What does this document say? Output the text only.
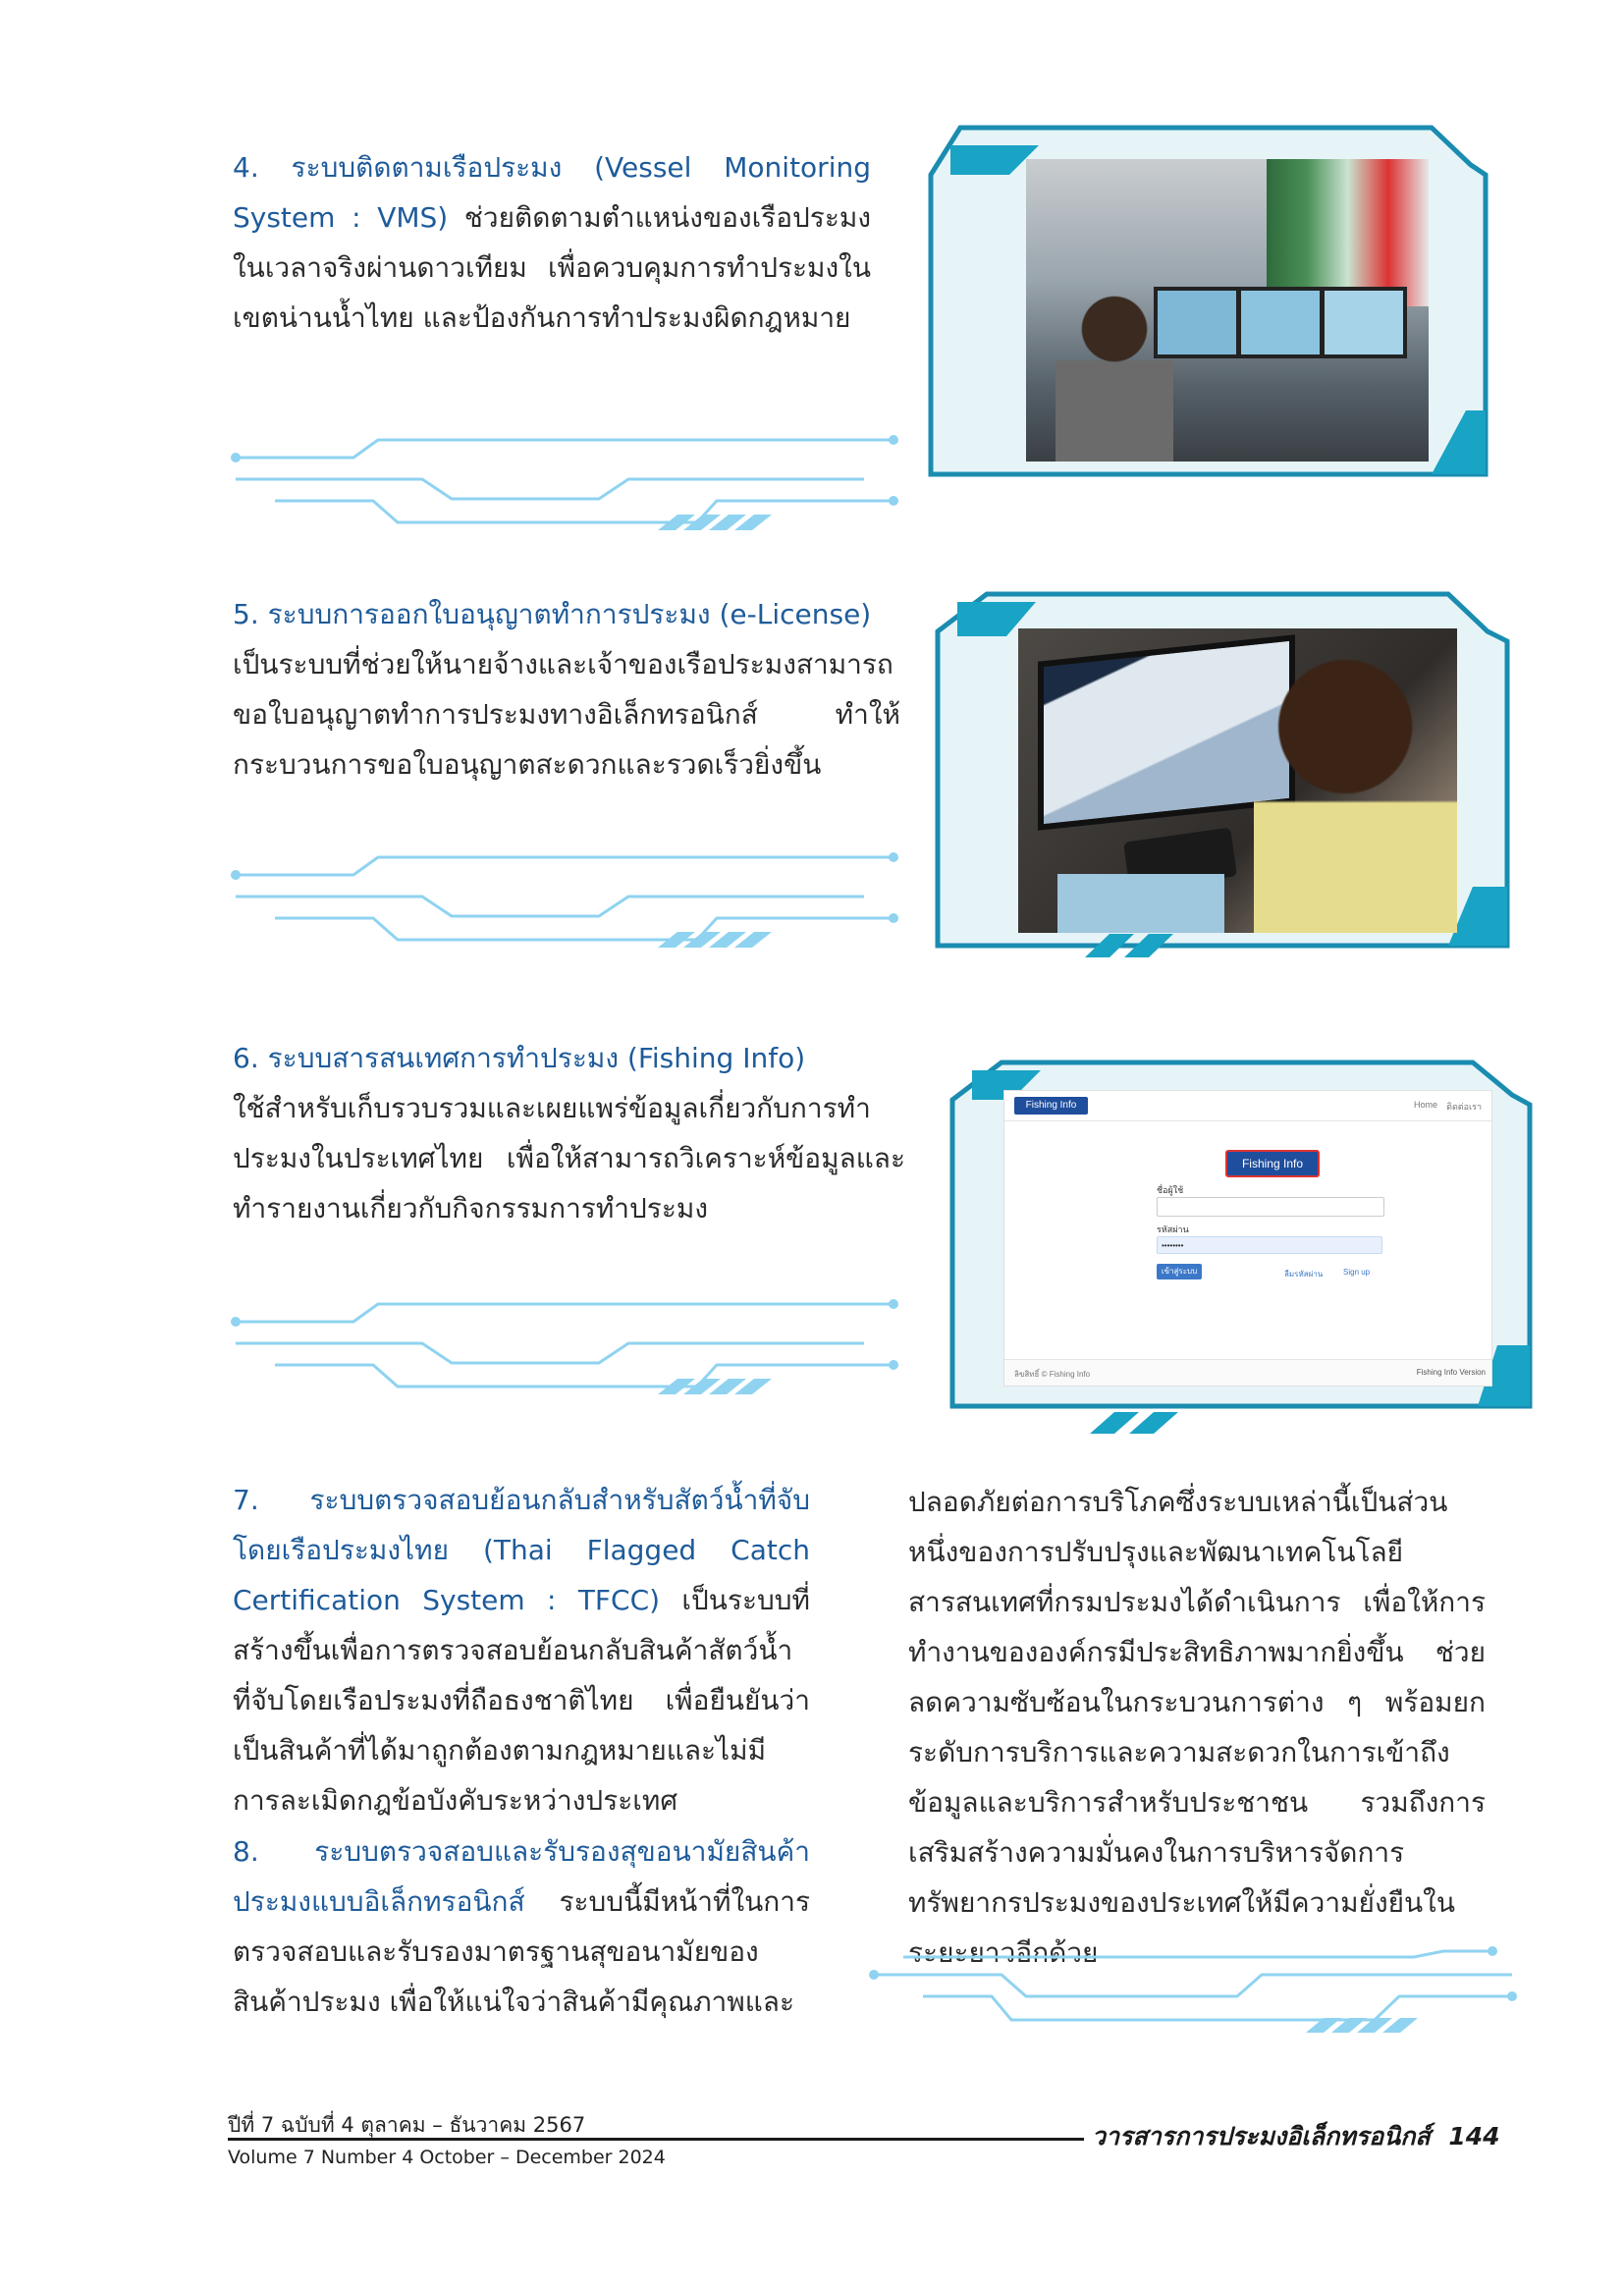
4. ระบบติดตามเรือประมง (Vessel Monitoring System : VMS) ช่วยติดตามตำแหน่งของเรือประมงในเวลาจริงผ่านดาวเทียม เพื่อควบคุมการทำประมงในเขตน่านน้ำไทย และป้องกันการทำประมงผิดกฎหมาย
5. ระบบการออกใบอนุญาตทำการประมง (e-License)
เป็นระบบที่ช่วยให้นายจ้างและเจ้าของเรือประมงสามารถขอใบอนุญาตทำการประมงทางอิเล็กทรอนิกส์ ทำให้กระบวนการขอใบอนุญาตสะดวกและรวดเร็วยิ่งขึ้น
6. ระบบสารสนเทศการทำประมง (Fishing Info)
ใช้สำหรับเก็บรวบรวมและเผยแพร่ข้อมูลเกี่ยวกับการทำประมงในประเทศไทย เพื่อให้สามารถวิเคราะห์ข้อมูลและทำรายงานเกี่ยวกับกิจกรรมการทำประมง
Fishing Info	Home ติดต่อเรา
Fishing Info
ชื่อผู้ใช้
รหัสผ่าน
••••••••
เข้าสู่ระบบ	ลืมรหัสผ่าน	Sign up
ลิขสิทธิ์ © Fishing Info	Fishing Info Version
7. ระบบตรวจสอบย้อนกลับสำหรับสัตว์น้ำที่จับโดยเรือประมงไทย (Thai Flagged Catch Certification System : TFCC) เป็นระบบที่สร้างขึ้นเพื่อการตรวจสอบย้อนกลับสินค้าสัตว์น้ำที่จับโดยเรือประมงที่ถือธงชาติไทย เพื่อยืนยันว่าเป็นสินค้าที่ได้มาถูกต้องตามกฎหมายและไม่มีการละเมิดกฎข้อบังคับระหว่างประเทศ
8. ระบบตรวจสอบและรับรองสุขอนามัยสินค้าประมงแบบอิเล็กทรอนิกส์ ระบบนี้มีหน้าที่ในการตรวจสอบและรับรองมาตรฐานสุขอนามัยของสินค้าประมง เพื่อให้แน่ใจว่าสินค้ามีคุณภาพและ
ปลอดภัยต่อการบริโภคซึ่งระบบเหล่านี้เป็นส่วนหนึ่งของการปรับปรุงและพัฒนาเทคโนโลยีสารสนเทศที่กรมประมงได้ดำเนินการ เพื่อให้การทำงานขององค์กรมีประสิทธิภาพมากยิ่งขึ้น ช่วยลดความซับซ้อนในกระบวนการต่าง ๆ พร้อมยกระดับการบริการและความสะดวกในการเข้าถึงข้อมูลและบริการสำหรับประชาชน รวมถึงการเสริมสร้างความมั่นคงในการบริหารจัดการทรัพยากรประมงของประเทศให้มีความยั่งยืนในระยะยาวอีกด้วย
ปีที่ 7 ฉบับที่ 4 ตุลาคม – ธันวาคม 2567
Volume 7 Number 4 October – December 2024
วารสารการประมงอิเล็กทรอนิกส์ 144
